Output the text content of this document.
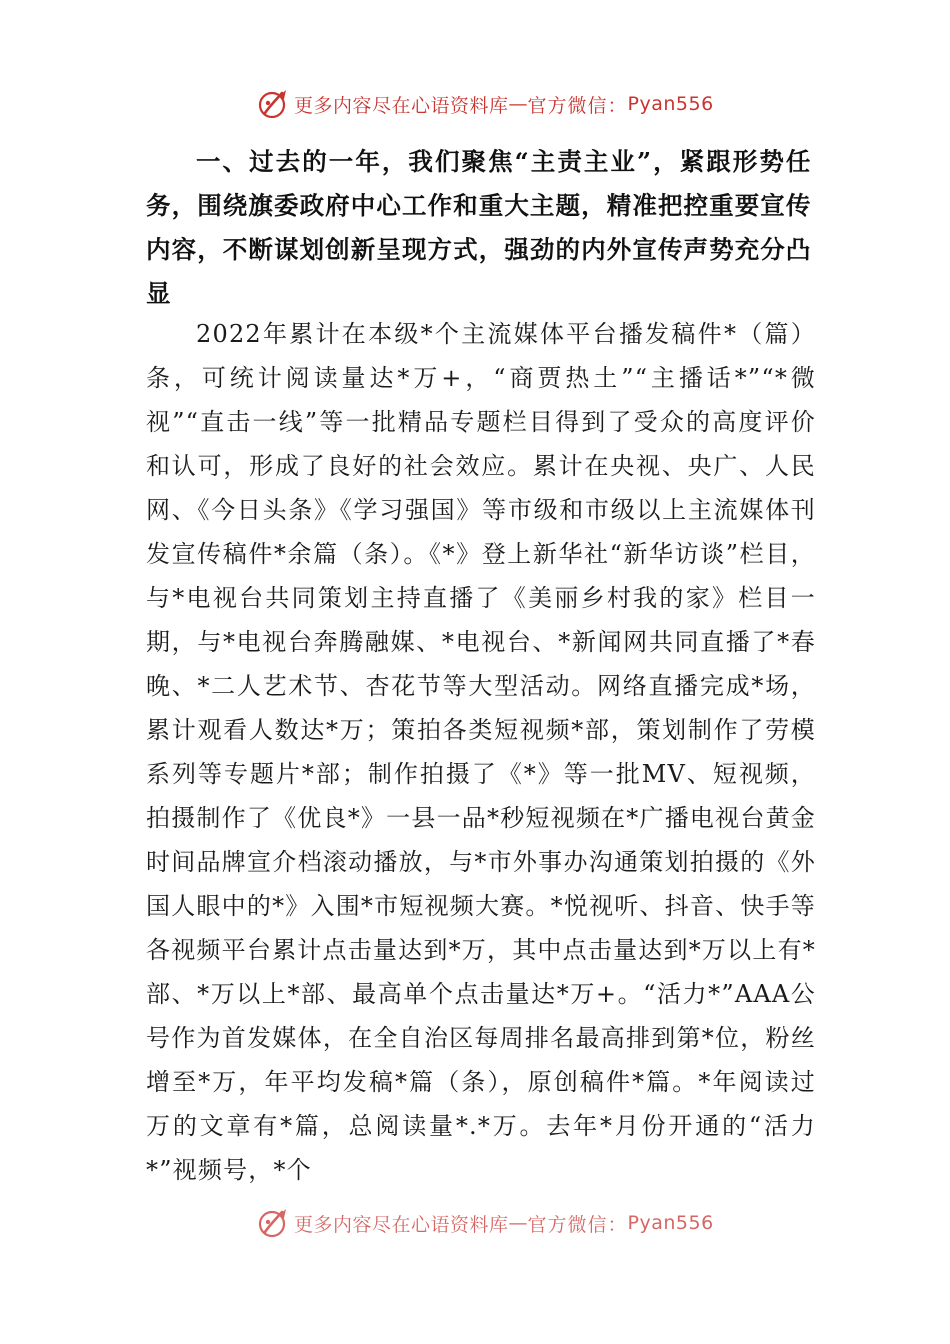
更多内容尽在心语资料库 — 官方微信： Pyan556

一、过去的一年，我们聚焦“主责主业”，紧跟形势任务，围绕旗委政府中心工作和重大主题，精准把控重要宣传内容，不断谋划创新呈现方式，强劲的内外宣传声势充分凸显

2022年累计在本级*个主流媒体平台播发稿件*（篇）条，可统计阅读量达*万+，“商贾热土”“主播话*”“*微视”“直击一线”等一批精品专题栏目得到了受众的高度评价和认可，形成了良好的社会效应。累计在央视、央广、人民网、《今日头条》《学习强国》等市级和市级以上主流媒体刊发宣传稿件*余篇（条）。《*》登上新华社“新华访谈”栏目，与*电视台共同策划主持直播了《美丽乡村我的家》栏目一期，与*电视台奔腾融媒、*电视台、*新闻网共同直播了*春晚、*二人艺术节、杏花节等大型活动。网络直播完成*场，累计观看人数达*万；策拍各类短视频*部，策划制作了劳模系列等专题片*部；制作拍摄了《*》等一批MV、短视频，拍摄制作了《优良*》一县一品*秒短视频在*广播电视台黄金时间品牌宣介档滚动播放，与*市外事办沟通策划拍摄的《外国人眼中的*》入围*市短视频大赛。*悦视听、抖音、快手等各视频平台累计点击量达到*万，其中点击量达到*万以上有*部、*万以上*部、最高单个点击量达*万+。“活力*”AAA公号作为首发媒体，在全自治区每周排名最高排到第*位，粉丝增至*万，年平均发稿*篇（条），原创稿件*篇。*年阅读过万的文章有*篇，总阅读量*.*万。去年*月份开通的“活力*”视频号，*个

更多内容尽在心语资料库 — 官方微信： Pyan556
